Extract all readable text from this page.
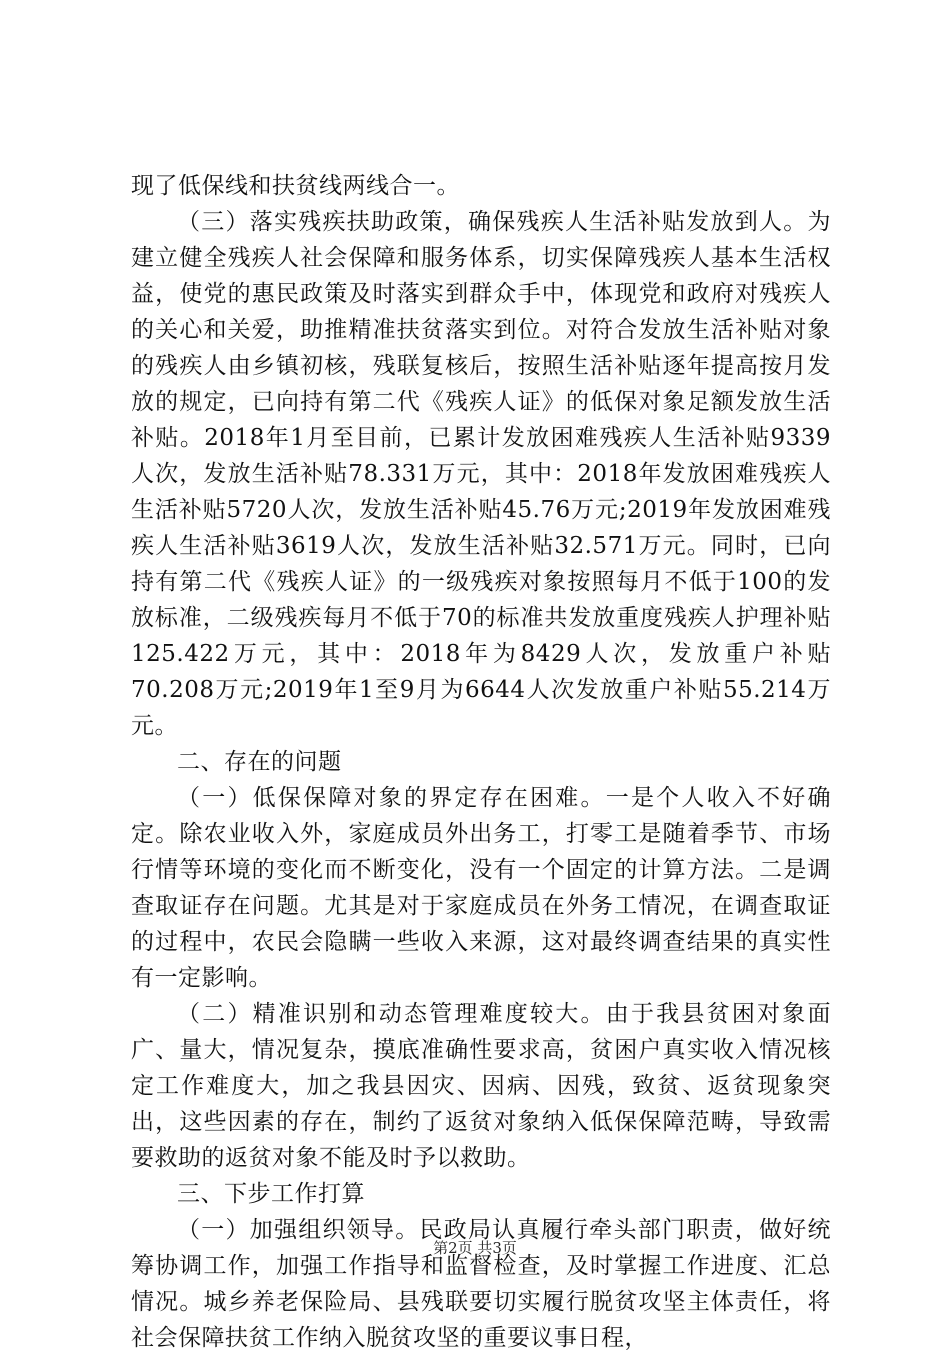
现了低保线和扶贫线两线合一。

（三）落实残疾扶助政策，确保残疾人生活补贴发放到人。为建立健全残疾人社会保障和服务体系，切实保障残疾人基本生活权益，使党的惠民政策及时落实到群众手中，体现党和政府对残疾人的关心和关爱，助推精准扶贫落实到位。对符合发放生活补贴对象的残疾人由乡镇初核，残联复核后，按照生活补贴逐年提高按月发放的规定，已向持有第二代《残疾人证》的低保对象足额发放生活补贴。2018年1月至目前，已累计发放困难残疾人生活补贴9339人次，发放生活补贴78.331万元，其中：2018年发放困难残疾人生活补贴5720人次，发放生活补贴45.76万元;2019年发放困难残疾人生活补贴3619人次，发放生活补贴32.571万元。同时，已向持有第二代《残疾人证》的一级残疾对象按照每月不低于100的发放标准，二级残疾每月不低于70的标准共发放重度残疾人护理补贴125.422万元，其中：2018年为8429人次，发放重户补贴70.208万元;2019年1至9月为6644人次发放重户补贴55.214万元。

二、存在的问题

（一）低保保障对象的界定存在困难。一是个人收入不好确定。除农业收入外，家庭成员外出务工，打零工是随着季节、市场行情等环境的变化而不断变化，没有一个固定的计算方法。二是调查取证存在问题。尤其是对于家庭成员在外务工情况，在调查取证的过程中，农民会隐瞒一些收入来源，这对最终调查结果的真实性有一定影响。

（二）精准识别和动态管理难度较大。由于我县贫困对象面广、量大，情况复杂，摸底准确性要求高，贫困户真实收入情况核定工作难度大，加之我县因灾、因病、因残，致贫、返贫现象突出，这些因素的存在，制约了返贫对象纳入低保保障范畴，导致需要救助的返贫对象不能及时予以救助。

三、下步工作打算

（一）加强组织领导。民政局认真履行牵头部门职责，做好统筹协调工作，加强工作指导和监督检查，及时掌握工作进度、汇总情况。城乡养老保险局、县残联要切实履行脱贫攻坚主体责任，将社会保障扶贫工作纳入脱贫攻坚的重要议事日程，

第2页 共3页
